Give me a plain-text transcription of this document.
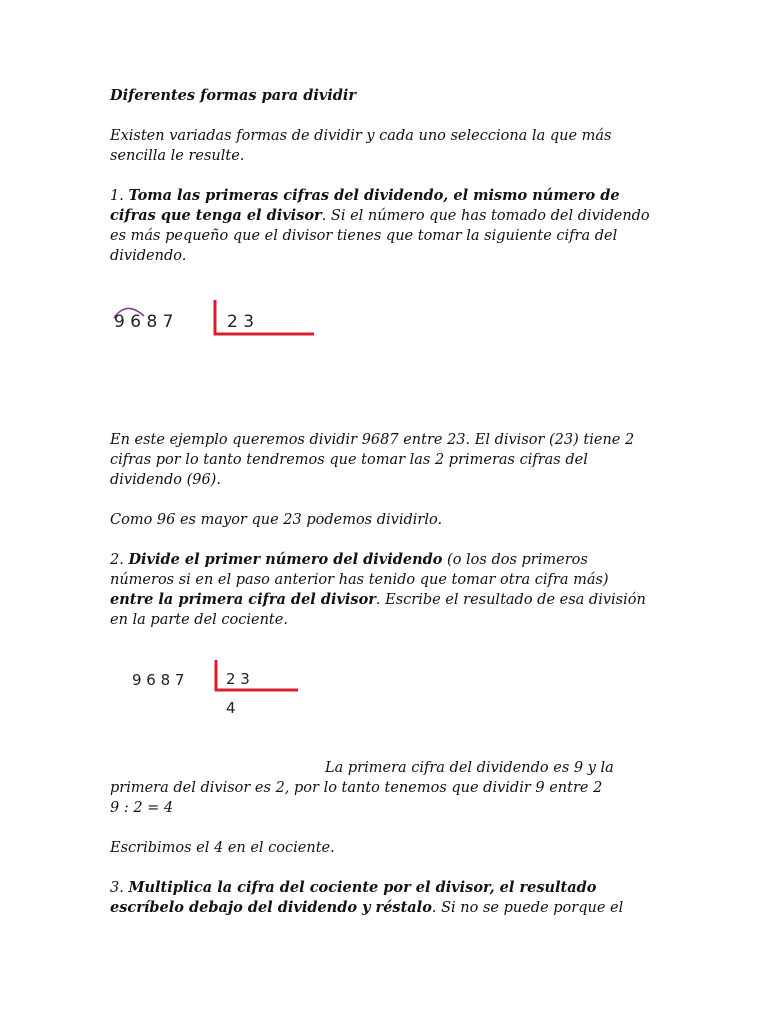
Diferentes formas para dividir

Existen variadas formas de dividir y cada uno selecciona la que más sencilla le resulte.

1. Toma las primeras cifras del dividendo, el mismo número de cifras que tenga el divisor. Si el número que has tomado del dividendo es más pequeño que el divisor tienes que tomar la siguiente cifra del dividendo.

9 6 8 7	2 3

En este ejemplo queremos dividir 9687 entre 23. El divisor (23) tiene 2 cifras por lo tanto tendremos que tomar las 2 primeras cifras del dividendo (96).

Como 96 es mayor que 23 podemos dividirlo.

2. Divide el primer número del dividendo (o los dos primeros números si en el paso anterior has tenido que tomar otra cifra más) entre la primera cifra del divisor. Escribe el resultado de esa división en la parte del cociente.

9 6 8 7	2 3
4

La primera cifra del dividendo es 9 y la

primera del divisor es 2, por lo tanto tenemos que dividir 9 entre 2

9 : 2 = 4

Escribimos el 4 en el cociente.

3. Multiplica la cifra del cociente por el divisor, el resultado escríbelo debajo del dividendo y réstalo. Si no se puede porque el
